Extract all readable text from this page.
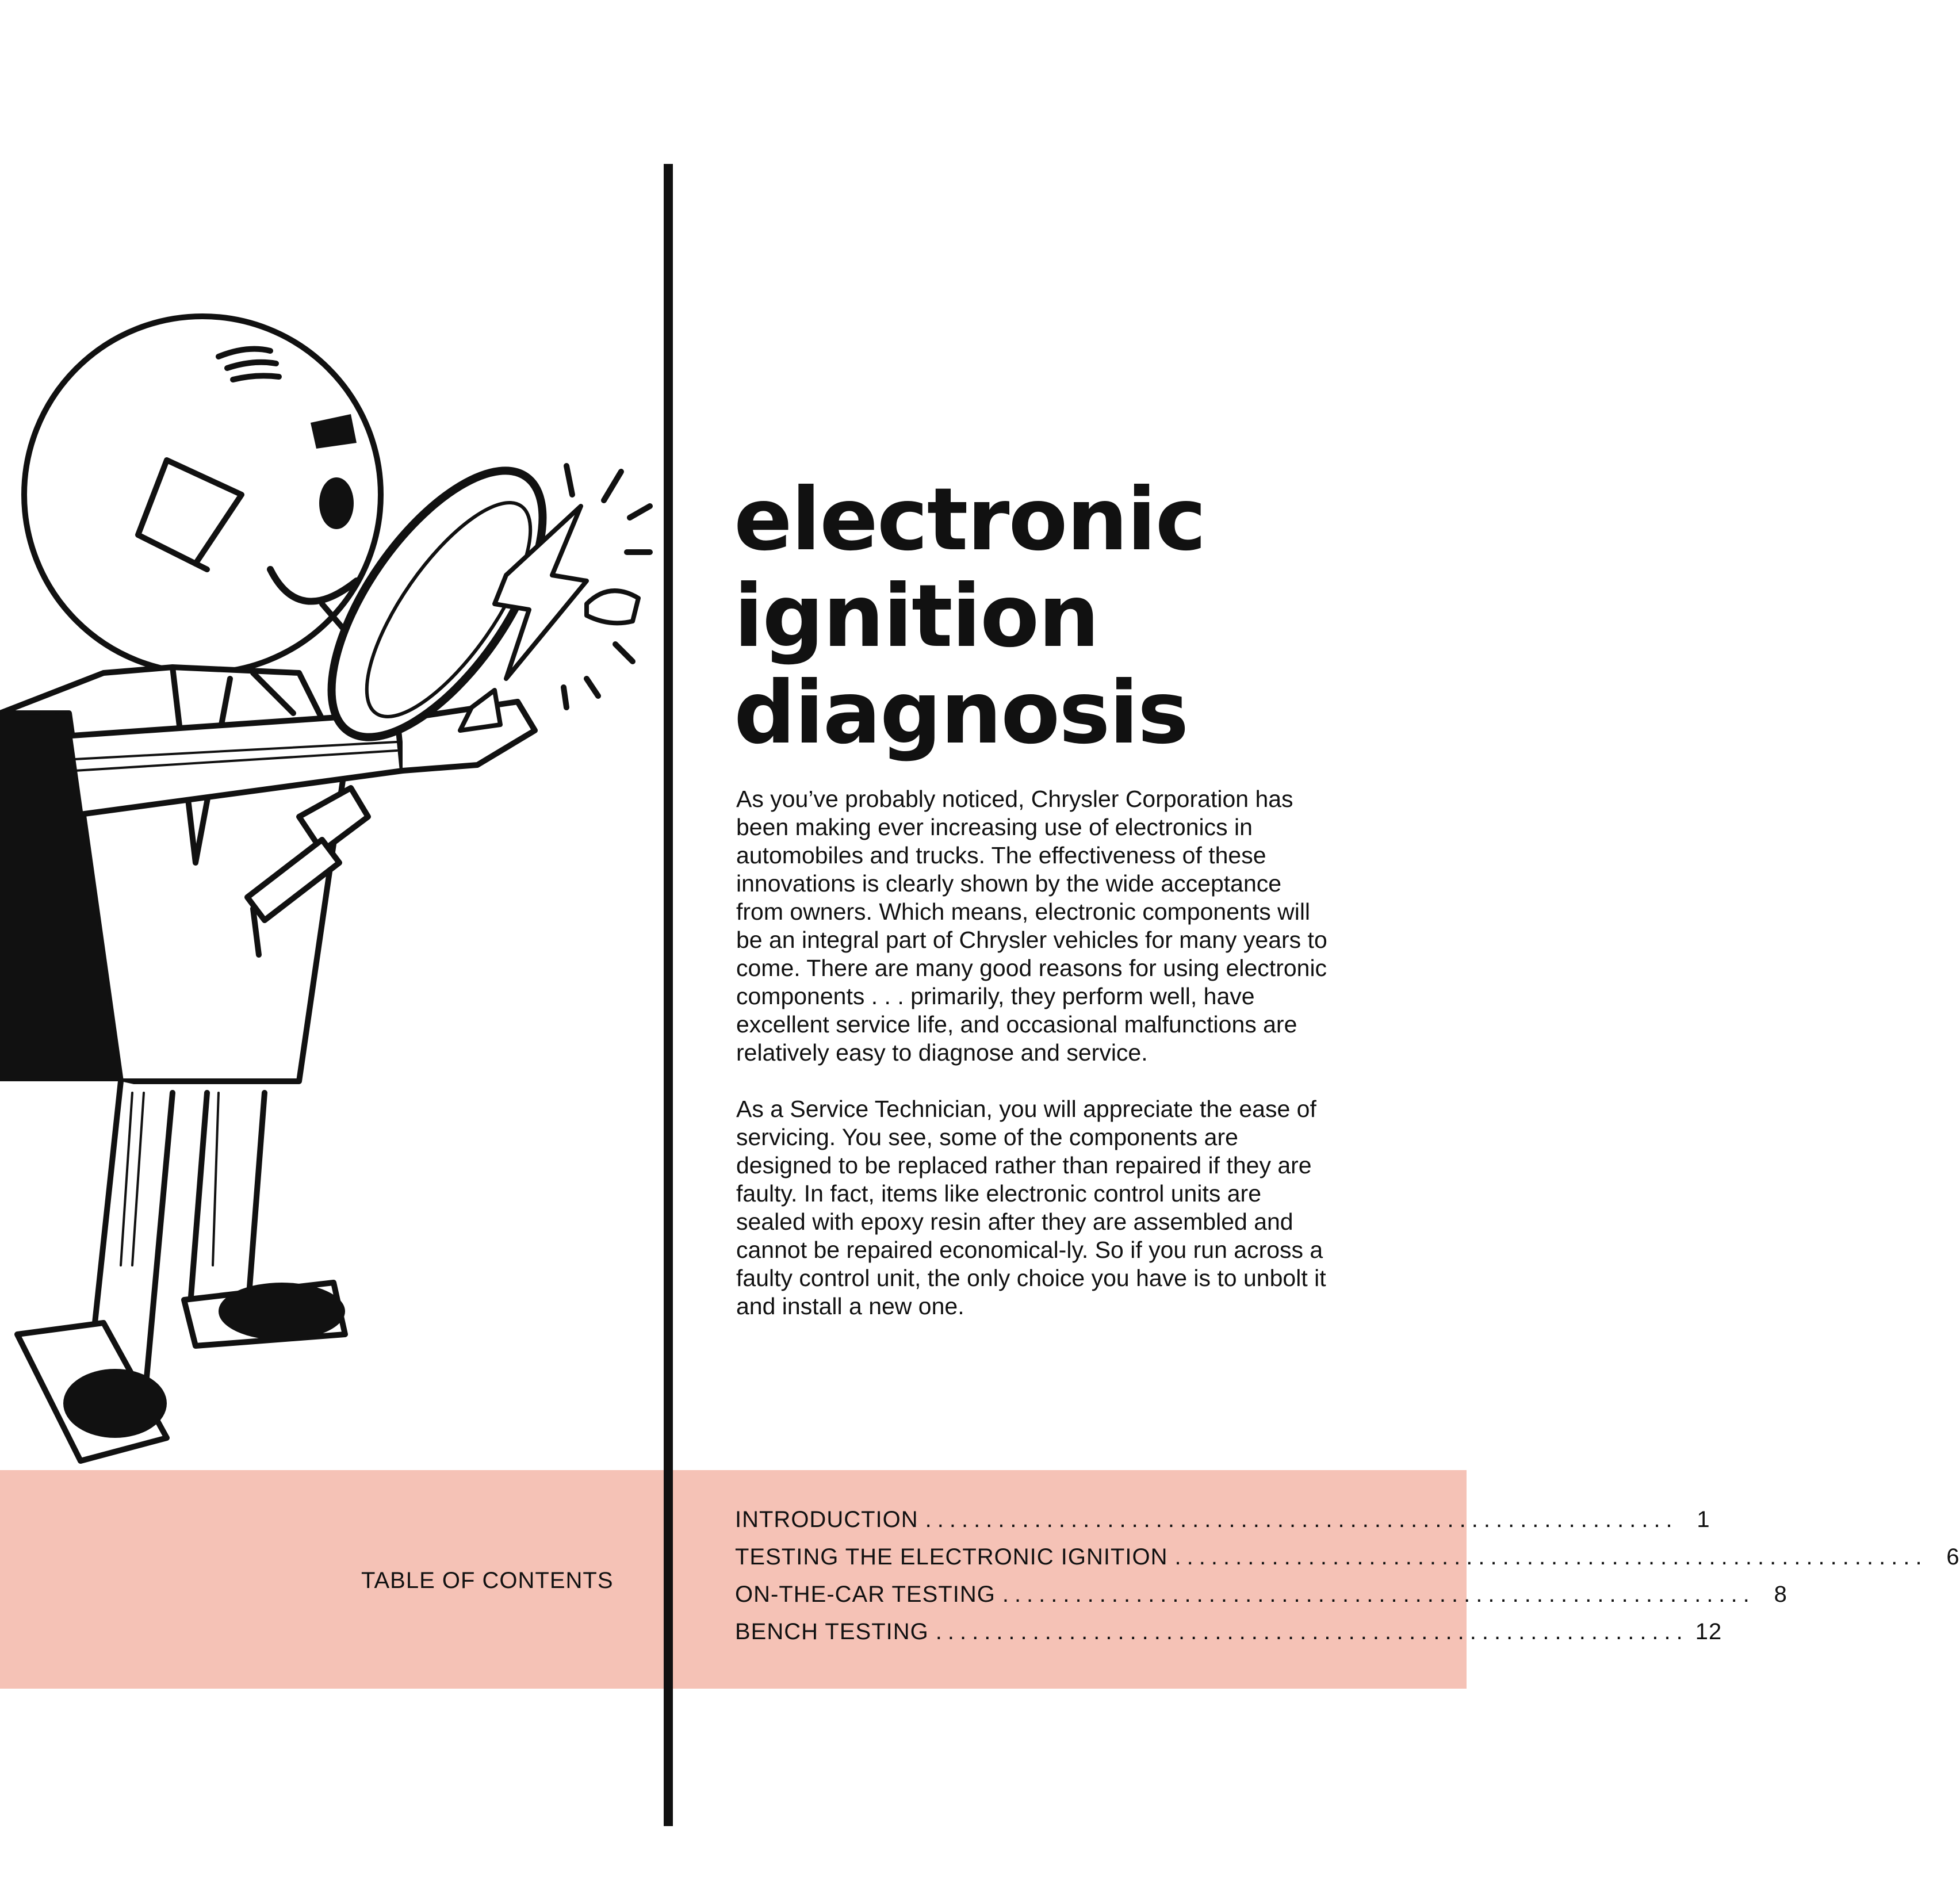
electronic
ignition
diagnosis

As you’ve probably noticed, Chrysler Corporation has been making ever increasing use of electronics in automobiles and trucks. The effectiveness of these innovations is clearly shown by the wide acceptance from owners. Which means, electronic components will be an integral part of Chrysler vehicles for many years to come. There are many good reasons for using electronic components . . . primarily, they perform well, have excellent service life, and occasional malfunctions are relatively easy to diagnose and service.

As a Service Technician, you will appreciate the ease of servicing. You see, some of the components are designed to be replaced rather than repaired if they are faulty. In fact, items like electronic control units are sealed with epoxy resin after they are assembled and cannot be repaired economical-ly. So if you run across a faulty control unit, the only choice you have is to unbolt it and install a new one.

TABLE OF CONTENTS
INTRODUCTION .............................................................. 1
TESTING THE ELECTRONIC IGNITION .............................................................. 6
ON-THE-CAR TESTING .............................................................. 8
BENCH TESTING .............................................................. 12
